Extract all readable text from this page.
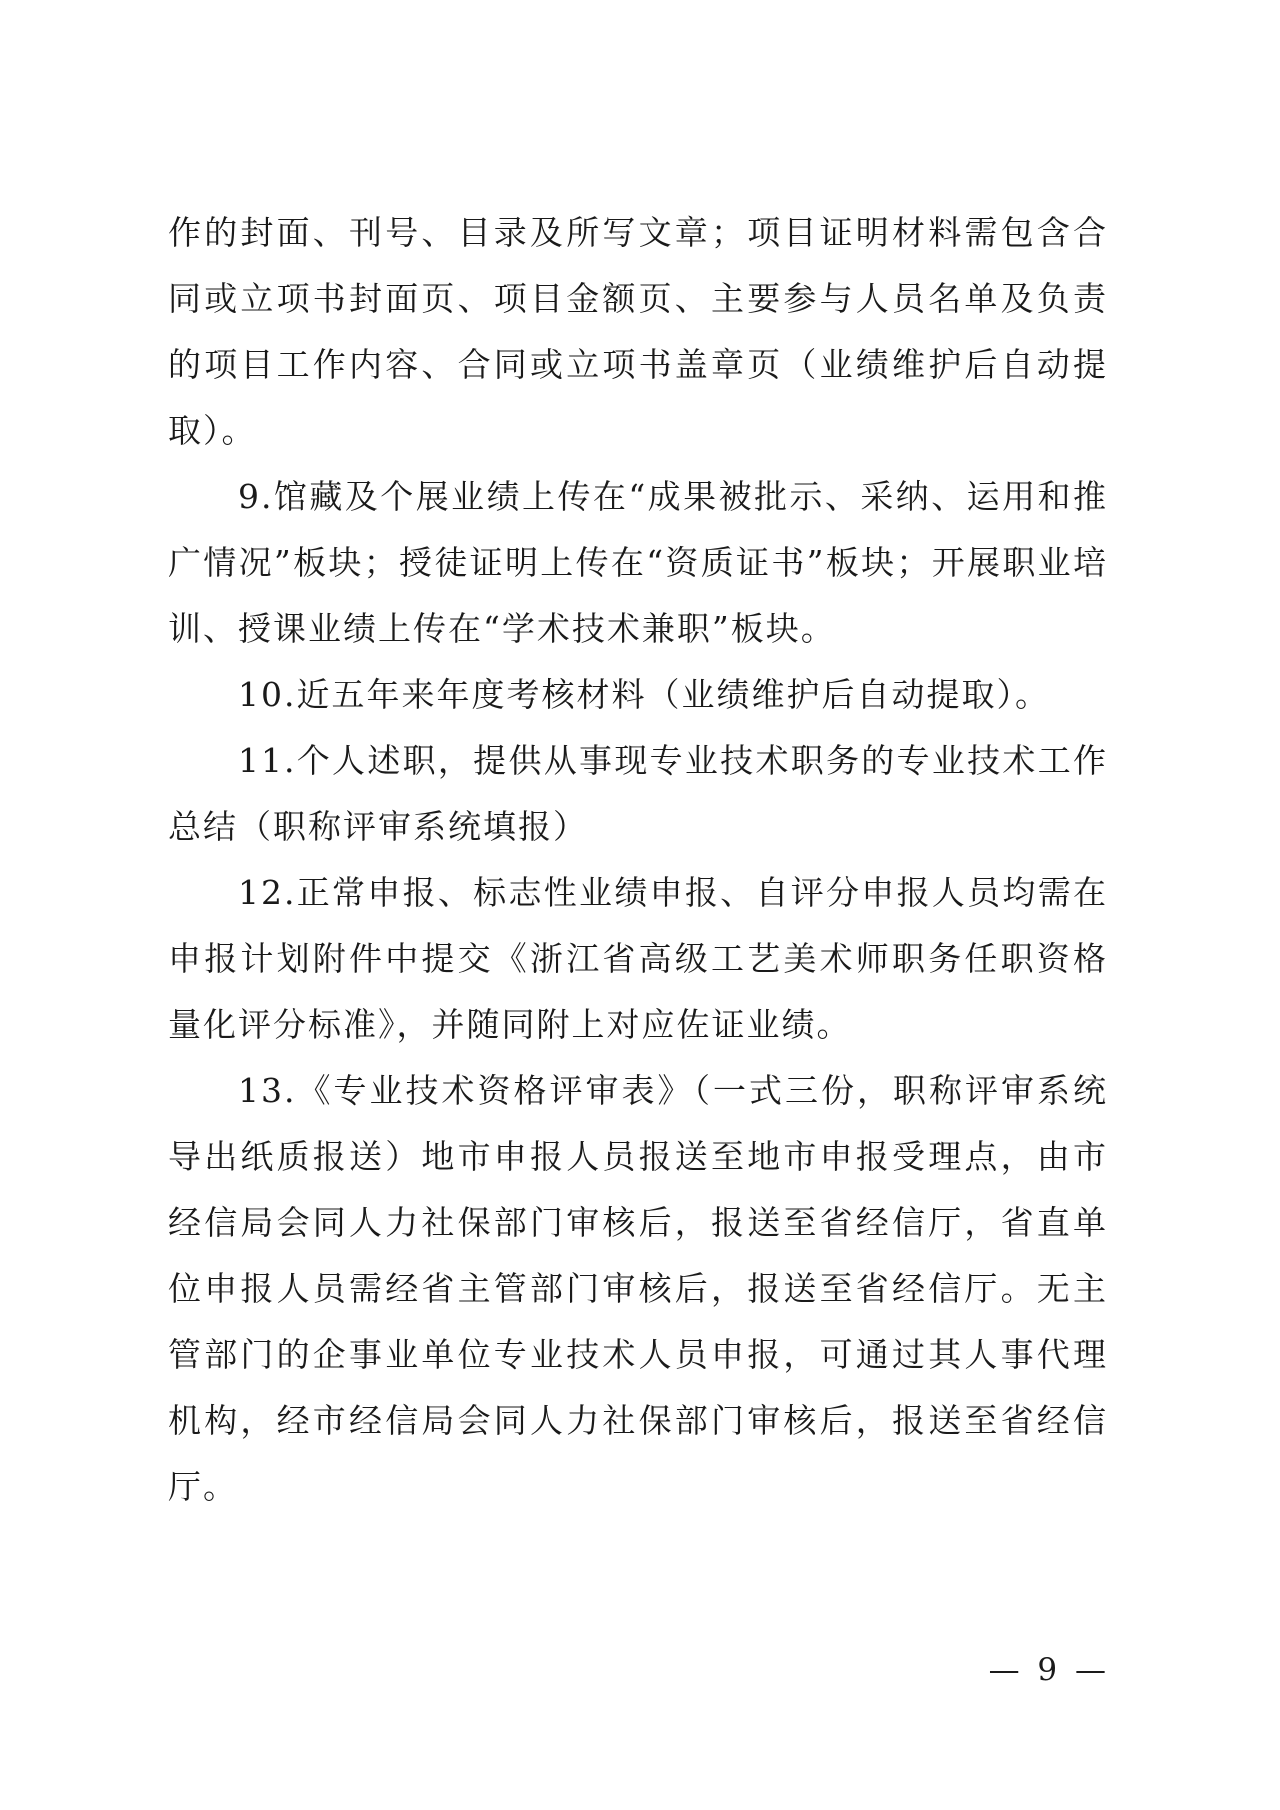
作的封面、刊号、目录及所写文章；项目证明材料需包含合同或立项书封面页、项目金额页、主要参与人员名单及负责的项目工作内容、合同或立项书盖章页（业绩维护后自动提取）。

9.馆藏及个展业绩上传在“成果被批示、采纳、运用和推广情况”板块；授徒证明上传在“资质证书”板块；开展职业培训、授课业绩上传在“学术技术兼职”板块。

10.近五年来年度考核材料（业绩维护后自动提取）。

11.个人述职，提供从事现专业技术职务的专业技术工作总结（职称评审系统填报）

12.正常申报、标志性业绩申报、自评分申报人员均需在申报计划附件中提交《浙江省高级工艺美术师职务任职资格量化评分标准》，并随同附上对应佐证业绩。

13.《专业技术资格评审表》（一式三份，职称评审系统导出纸质报送）地市申报人员报送至地市申报受理点，由市经信局会同人力社保部门审核后，报送至省经信厅，省直单位申报人员需经省主管部门审核后，报送至省经信厅。无主管部门的企事业单位专业技术人员申报，可通过其人事代理机构，经市经信局会同人力社保部门审核后，报送至省经信厅。

— 9 —
